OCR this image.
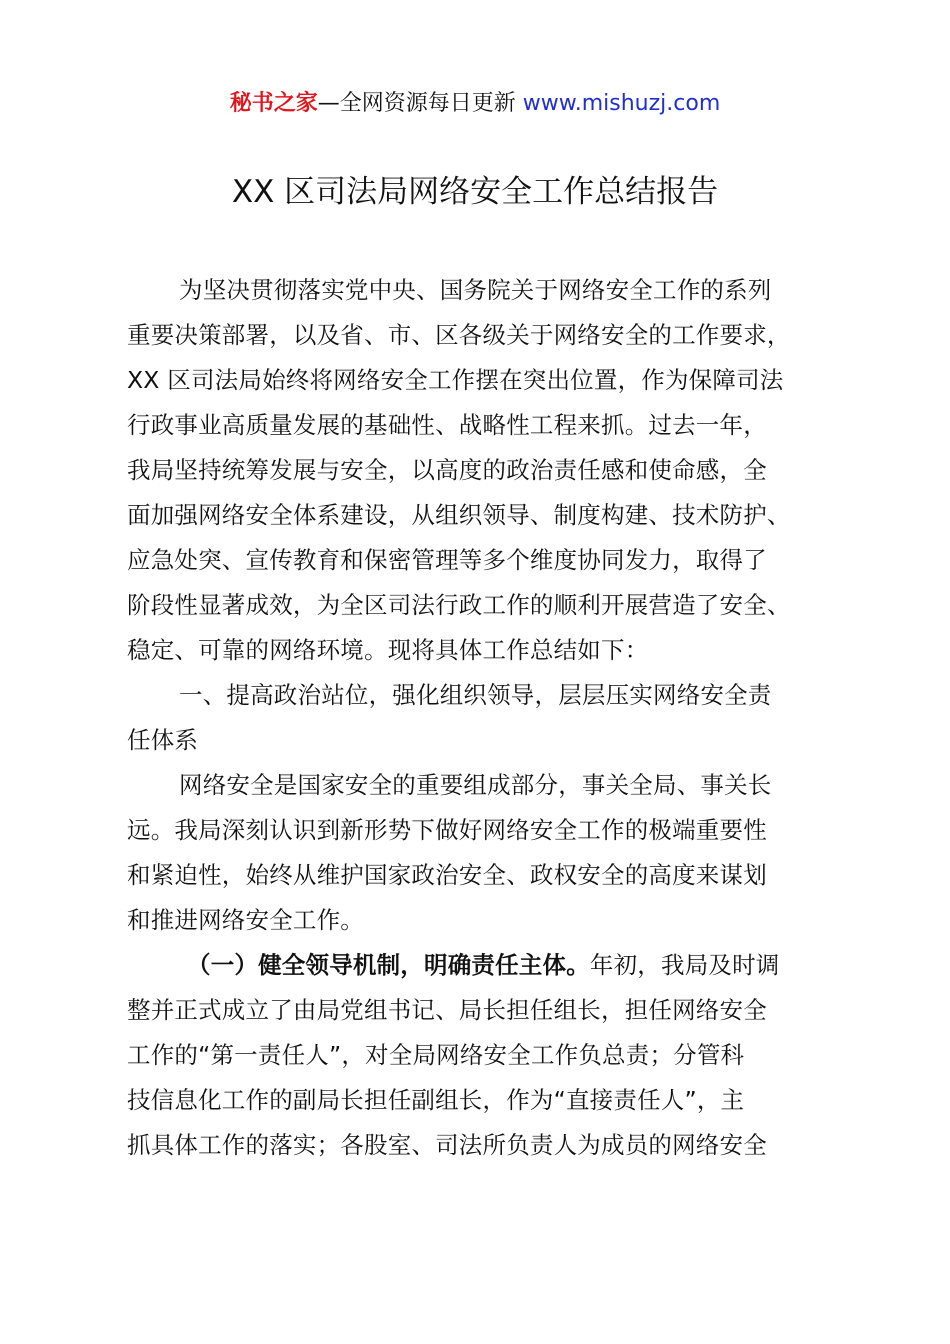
秘书之家—全网资源每日更新 www.mishuzj.com
XX 区司法局网络安全工作总结报告
为坚决贯彻落实党中央、国务院关于网络安全工作的系列
重要决策部署，以及省、市、区各级关于网络安全的工作要求，
XX 区司法局始终将网络安全工作摆在突出位置，作为保障司法
行政事业高质量发展的基础性、战略性工程来抓。过去一年，
我局坚持统筹发展与安全，以高度的政治责任感和使命感，全
面加强网络安全体系建设，从组织领导、制度构建、技术防护、
应急处突、宣传教育和保密管理等多个维度协同发力，取得了
阶段性显著成效，为全区司法行政工作的顺利开展营造了安全、
稳定、可靠的网络环境。现将具体工作总结如下：
一、提高政治站位，强化组织领导，层层压实网络安全责
任体系
网络安全是国家安全的重要组成部分，事关全局、事关长
远。我局深刻认识到新形势下做好网络安全工作的极端重要性
和紧迫性，始终从维护国家政治安全、政权安全的高度来谋划
和推进网络安全工作。
（一）健全领导机制，明确责任主体。年初，我局及时调
整并正式成立了由局党组书记、局长担任组长，担任网络安全
工作的“第一责任人”，对全局网络安全工作负总责；分管科
技信息化工作的副局长担任副组长，作为“直接责任人”，主
抓具体工作的落实；各股室、司法所负责人为成员的网络安全
